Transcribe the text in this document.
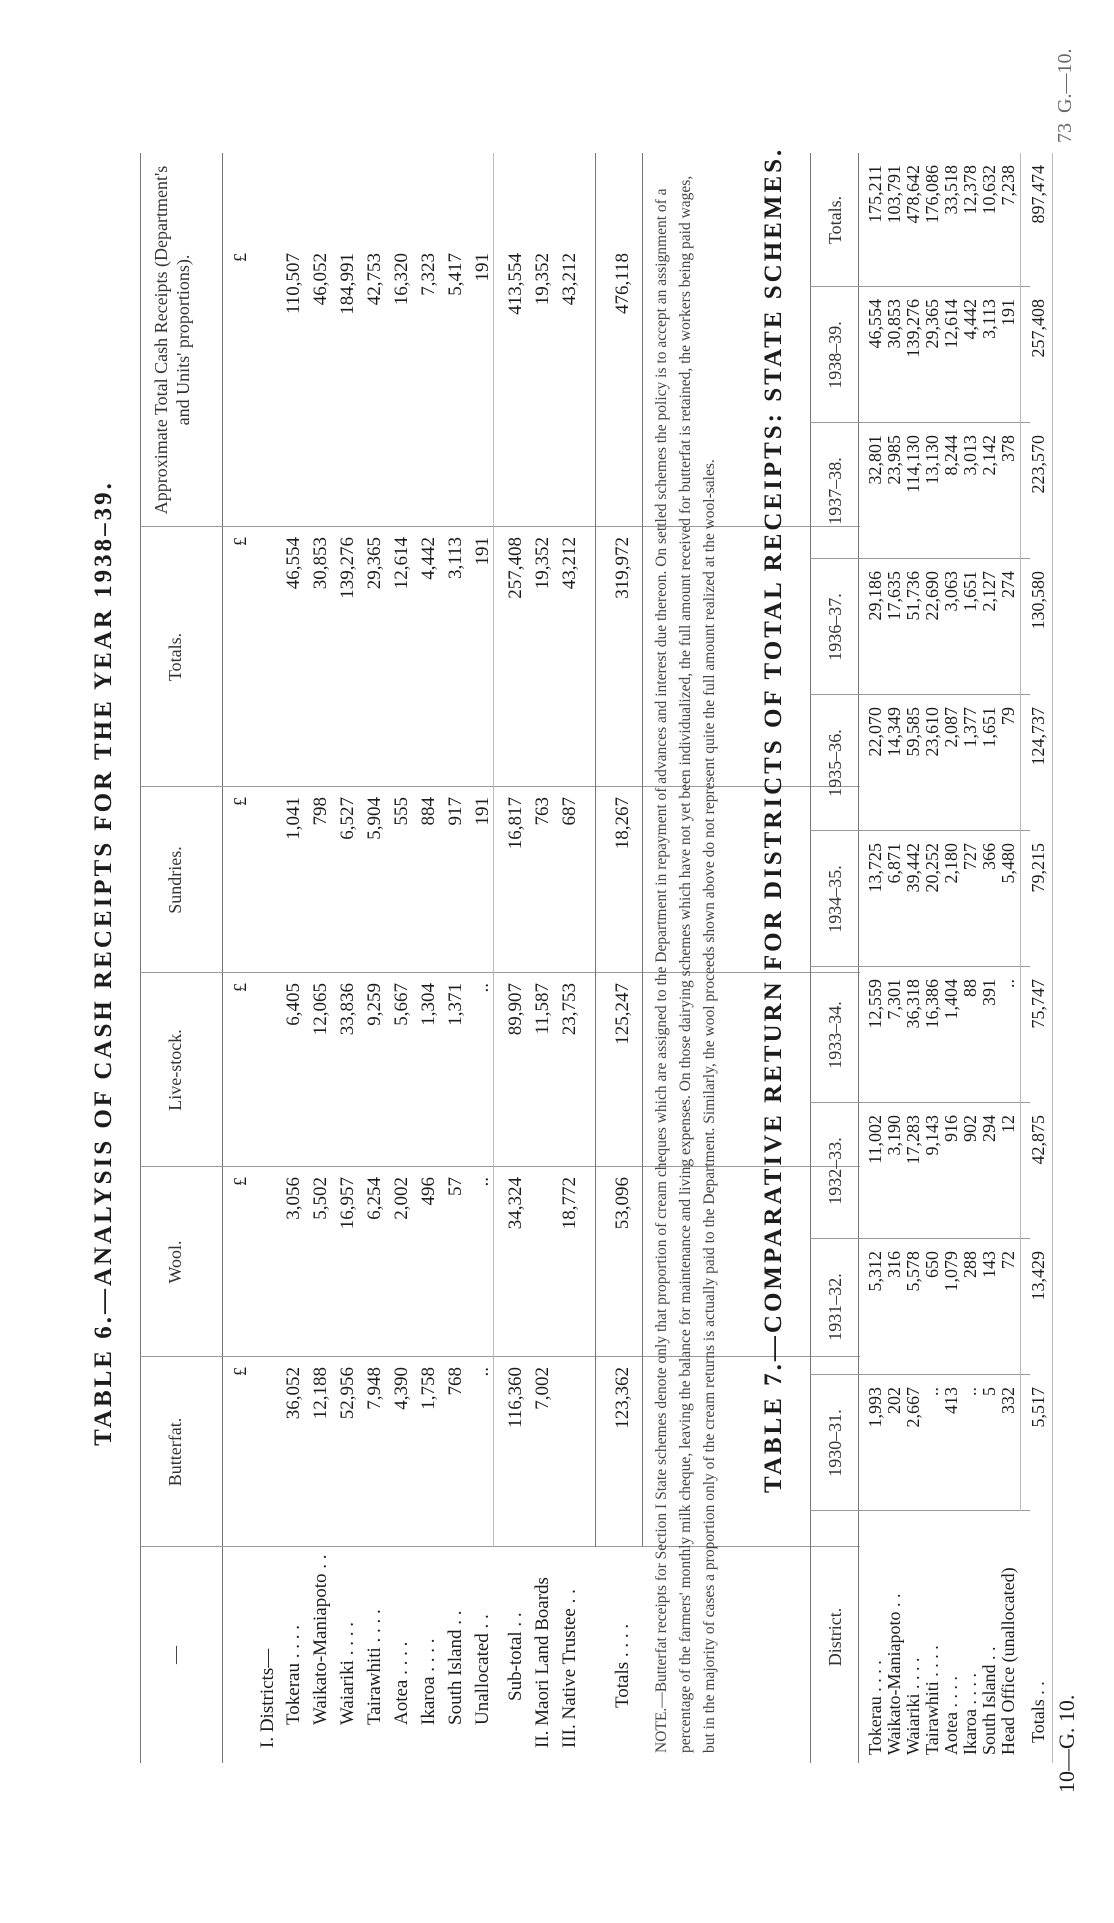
10—G. 10.
73
G.—10.
TABLE 6.—ANALYSIS OF CASH RECEIPTS FOR THE YEAR 1938–39.
—
Butterfat.
Wool.
Live-stock.
Sundries.
Totals.
Approximate Total Cash Receipts (Department's and Units' proportions).
£
£
£
£
£
£
I. Districts— Tokerau . . . .
36,052
3,056
6,405
1,041
46,554
110,507
Waikato-Maniapoto . .
12,188
5,502
12,065
798
30,853
46,052
Waiariki . . . .
52,956
16,957
33,836
6,527
139,276
184,991
Tairawhiti . . . .
7,948
6,254
9,259
5,904
29,365
42,753
Aotea . . . .
4,390
2,002
5,667
555
12,614
16,320
Ikaroa . . . .
1,758
496
1,304
884
4,442
7,323
South Island . .
768
57
1,371
917
3,113
5,417
Unallocated . .
..
..
..
191
191
191
Sub-total . .
116,360
34,324
89,907
16,817
257,408
413,554
II. Maori Land Boards
7,002
11,587
763
19,352
19,352
III. Native Trustee . .
18,772
23,753
687
43,212
43,212
Totals . . . .
123,362
53,096
125,247
18,267
319,972
476,118 NOTE.—Butterfat receipts for Section I State schemes denote only that proportion of cream cheques which are assigned to the Department in repayment of advances and interest due thereon. On settled schemes the policy is to accept an assignment of a percentage of the farmers' monthly milk cheque, leaving the balance for maintenance and living expenses. On those dairying schemes which have not yet been individualized, the full amount received for butterfat is retained, the workers being paid wages, but in the majority of cases a proportion only of the cream returns is actually paid to the Department. Similarly, the wool proceeds shown above do not represent quite the full amount realized at the wool-sales. TABLE 7.—COMPARATIVE RETURN FOR DISTRICTS OF TOTAL RECEIPTS: STATE SCHEMES.
District.
1930–31.
1931–32.
1932–33.
1933–34.
1934–35.
1935–36.
1936–37.
1937–38.
1938–39.
Totals.
Tokerau . . . .
1,993
5,312
11,002
12,559
13,725
22,070
29,186
32,801
46,554
175,211
Waikato-Maniapoto . .
202
316
3,190
7,301
6,871
14,349
17,635
23,985
30,853
103,791
Waiariki . . . .
2,667
5,578
17,283
36,318
39,442
59,585
51,736
114,130
139,276
478,642
Tairawhiti . . . .
..
650
9,143
16,386
20,252
23,610
22,690
13,130
29,365
176,086
Aotea . . . .
413
1,079
916
1,404
2,180
2,087
3,063
8,244
12,614
33,518
Ikaroa . . . .
..
288
902
88
727
1,377
1,651
3,013
4,442
12,378
South Island . .
5
143
294
391
366
1,651
2,127
2,142
3,113
10,632
Head Office (unallocated)
332
72
12
..
5,480
79
274
378
191
7,238
Totals . .
5,517
13,429
42,875
75,747
79,215
124,737
130,580
223,570
257,408
897,474
